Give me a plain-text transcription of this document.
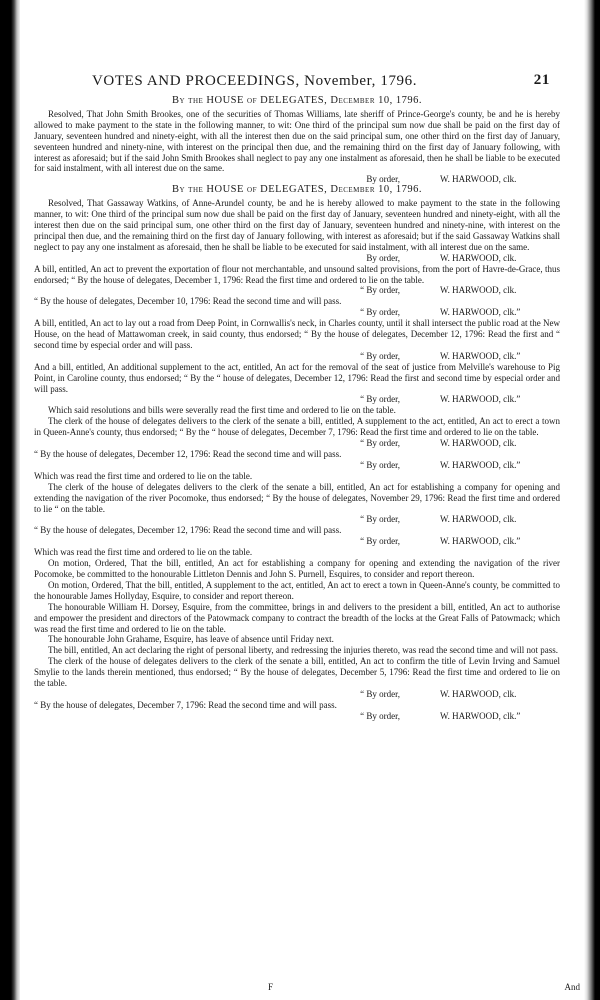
VOTES AND PROCEEDINGS, November, 1796.	21

By the HOUSE of DELEGATES, December 10, 1796.

Resolved, That John Smith Brookes, one of the securities of Thomas Williams, late sheriff of Prince-George's county, be and he is hereby allowed to make payment to the state in the following manner, to wit: One third of the principal sum now due shall be paid on the first day of January, seventeen hundred and ninety-eight, with all the interest then due on the said principal sum, one other third on the first day of January, seventeen hundred and ninety-nine, with interest on the principal then due, and the remaining third on the first day of January following, with interest as aforesaid; but if the said John Smith Brookes shall neglect to pay any one instalment as aforesaid, then he shall be liable to be executed for said instalment, with all interest due on the same.

By order,	W. HARWOOD, clk.

By the HOUSE of DELEGATES, December 10, 1796.

Resolved, That Gassaway Watkins, of Anne-Arundel county, be and he is hereby allowed to make payment to the state in the following manner, to wit: One third of the principal sum now due shall be paid on the first day of January, seventeen hundred and ninety-eight, with all the interest then due on the said principal sum, one other third on the first day of January, seventeen hundred and ninety-nine, with interest on the principal then due, and the remaining third on the first day of January following, with interest as aforesaid; but if the said Gassaway Watkins shall neglect to pay any one instalment as aforesaid, then he shall be liable to be executed for said instalment, with all interest due on the same.

By order,	W. HARWOOD, clk.

A bill, entitled, An act to prevent the exportation of flour not merchantable, and unsound salted provisions, from the port of Havre-de-Grace, thus endorsed; “ By the house of delegates, December 1, 1796: Read the first time and ordered to lie on the table.

“ By order,	W. HARWOOD, clk.

“ By the house of delegates, December 10, 1796: Read the second time and will pass.

“ By order,	W. HARWOOD, clk.”

A bill, entitled, An act to lay out a road from Deep Point, in Cornwallis's neck, in Charles county, until it shall intersect the public road at the New House, on the head of Mattawoman creek, in said county, thus endorsed; “ By the house of delegates, December 12, 1796: Read the first and “ second time by especial order and will pass.

“ By order,	W. HARWOOD, clk.”

And a bill, entitled, An additional supplement to the act, entitled, An act for the removal of the seat of justice from Melville's warehouse to Pig Point, in Caroline county, thus endorsed; “ By the “ house of delegates, December 12, 1796: Read the first and second time by especial order and will pass.

“ By order,	W. HARWOOD, clk.”

Which said resolutions and bills were severally read the first time and ordered to lie on the table.

The clerk of the house of delegates delivers to the clerk of the senate a bill, entitled, A supplement to the act, entitled, An act to erect a town in Queen-Anne's county, thus endorsed; “ By the “ house of delegates, December 7, 1796: Read the first time and ordered to lie on the table.

“ By order,	W. HARWOOD, clk.

“ By the house of delegates, December 12, 1796: Read the second time and will pass.

“ By order,	W. HARWOOD, clk.”

Which was read the first time and ordered to lie on the table.

The clerk of the house of delegates delivers to the clerk of the senate a bill, entitled, An act for establishing a company for opening and extending the navigation of the river Pocomoke, thus endorsed; “ By the house of delegates, November 29, 1796: Read the first time and ordered to lie “ on the table.

“ By order,	W. HARWOOD, clk.

“ By the house of delegates, December 12, 1796: Read the second time and will pass.

“ By order,	W. HARWOOD, clk.”

Which was read the first time and ordered to lie on the table.

On motion, Ordered, That the bill, entitled, An act for establishing a company for opening and extending the navigation of the river Pocomoke, be committed to the honourable Littleton Dennis and John S. Purnell, Esquires, to consider and report thereon.

On motion, Ordered, That the bill, entitled, A supplement to the act, entitled, An act to erect a town in Queen-Anne's county, be committed to the honourable James Hollyday, Esquire, to consider and report thereon.

The honourable William H. Dorsey, Esquire, from the committee, brings in and delivers to the president a bill, entitled, An act to authorise and empower the president and directors of the Patowmack company to contract the breadth of the locks at the Great Falls of Patowmack; which was read the first time and ordered to lie on the table.

The honourable John Grahame, Esquire, has leave of absence until Friday next.

The bill, entitled, An act declaring the right of personal liberty, and redressing the injuries thereto, was read the second time and will not pass.

The clerk of the house of delegates delivers to the clerk of the senate a bill, entitled, An act to confirm the title of Levin Irving and Samuel Smylie to the lands therein mentioned, thus endorsed; “ By the house of delegates, December 5, 1796: Read the first time and ordered to lie on the table.

“ By order,	W. HARWOOD, clk.

“ By the house of delegates, December 7, 1796: Read the second time and will pass.

“ By order,	W. HARWOOD, clk.”
F	And
